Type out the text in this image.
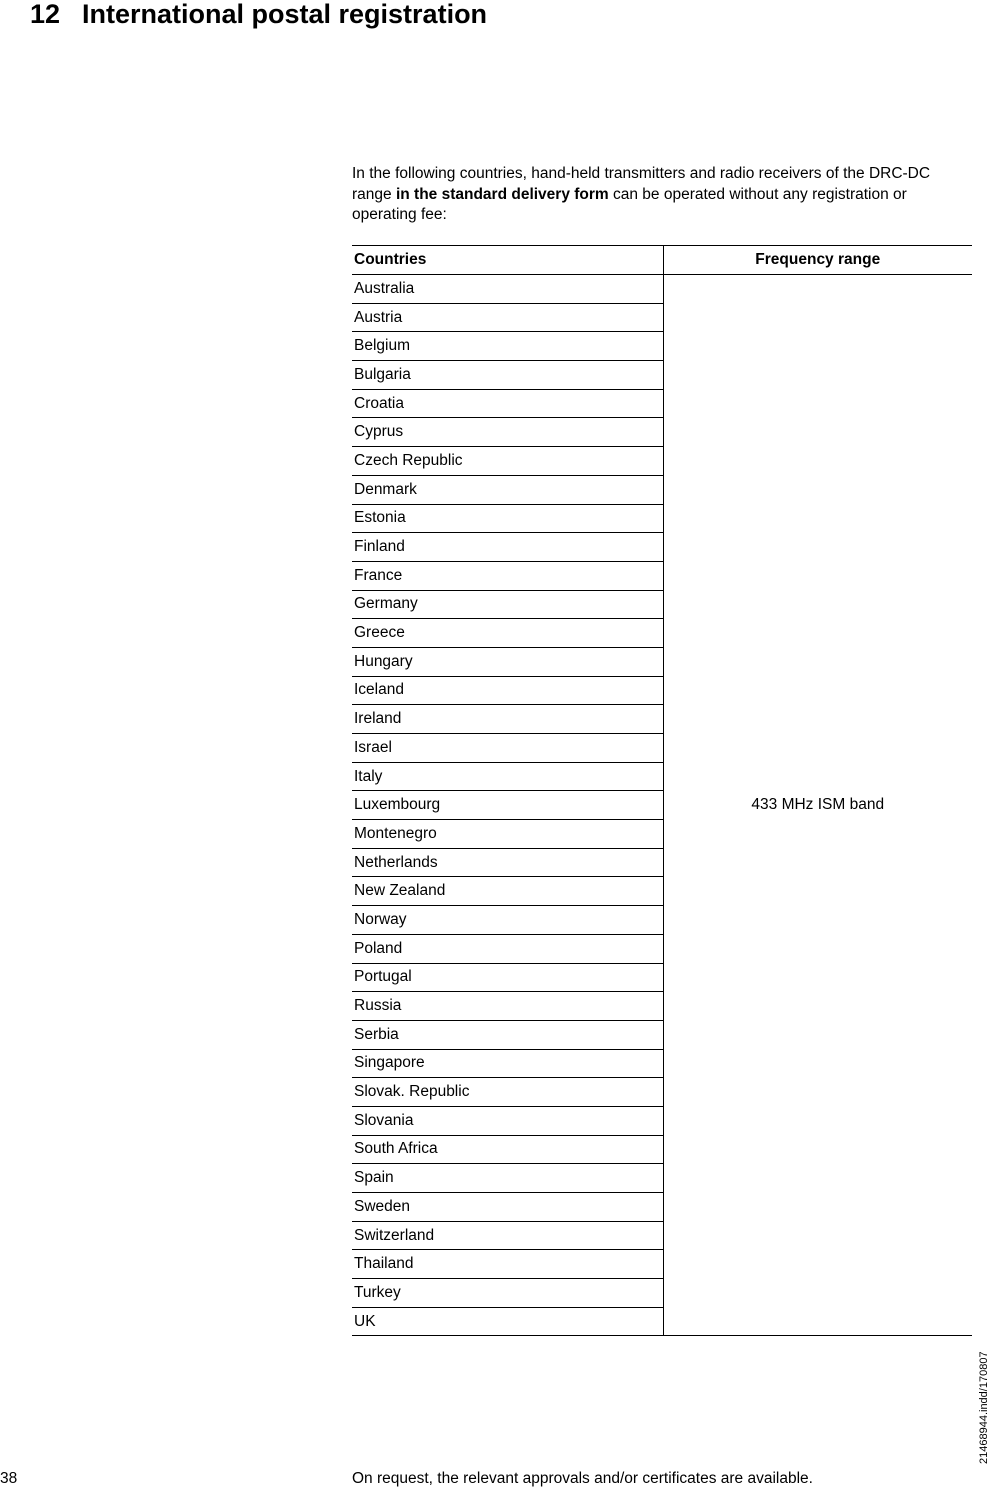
12 International postal registration

In the following countries, hand-held transmitters and radio receivers of the DRC-DC range in the standard delivery form can be operated without any registration or operating fee:

Countries	Frequency range
Australia	433 MHz ISM band
Austria	
Belgium	
Bulgaria	
Croatia	
Cyprus	
Czech Republic	
Denmark	
Estonia	
Finland	
France	
Germany	
Greece	
Hungary	
Iceland	
Ireland	
Israel	
Italy	
Luxembourg	
Montenegro	
Netherlands	
New Zealand	
Norway	
Poland	
Portugal	
Russia	
Serbia	
Singapore	
Slovak. Republic	
Slovania	
South Africa	
Spain	
Sweden	
Switzerland	
Thailand	
Turkey	
UK	
21468944.indd/170807
38	On request, the relevant approvals and/or certificates are available.
